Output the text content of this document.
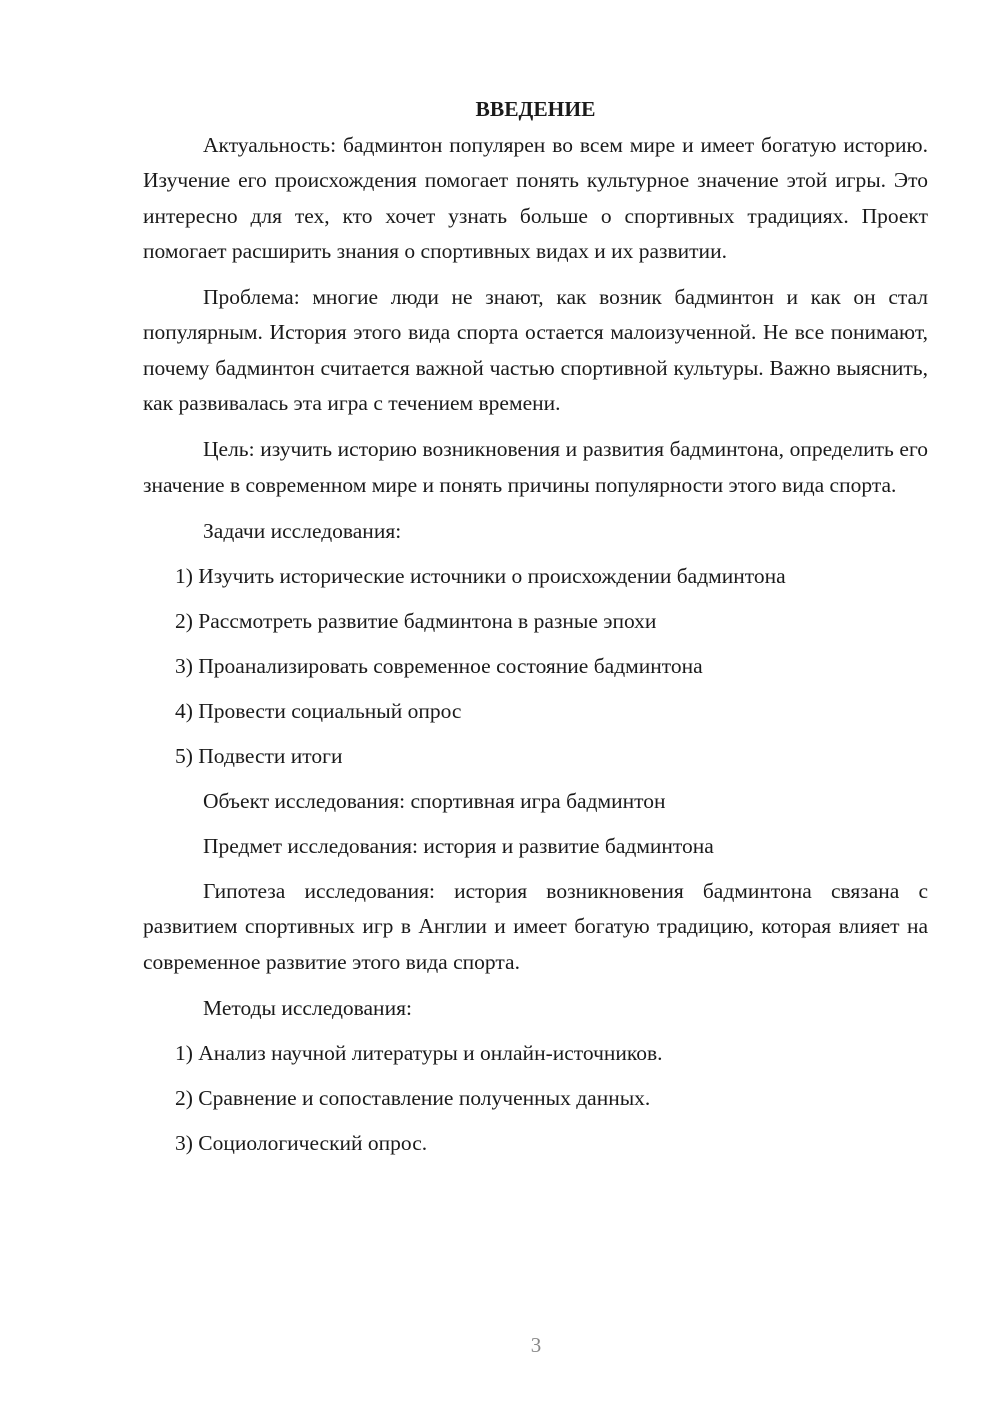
ВВЕДЕНИЕ

Актуальность: бадминтон популярен во всем мире и имеет богатую историю. Изучение его происхождения помогает понять культурное значение этой игры. Это интересно для тех, кто хочет узнать больше о спортивных традициях. Проект помогает расширить знания о спортивных видах и их развитии.

Проблема: многие люди не знают, как возник бадминтон и как он стал популярным. История этого вида спорта остается малоизученной. Не все понимают, почему бадминтон считается важной частью спортивной культуры. Важно выяснить, как развивалась эта игра с течением времени.

Цель: изучить историю возникновения и развития бадминтона, определить его значение в современном мире и понять причины популярности этого вида спорта.

Задачи исследования:
1) Изучить исторические источники о происхождении бадминтона
2) Рассмотреть развитие бадминтона в разные эпохи
3) Проанализировать современное состояние бадминтона
4) Провести социальный опрос
5) Подвести итоги
Объект исследования: спортивная игра бадминтон
Предмет исследования: история и развитие бадминтона

Гипотеза исследования: история возникновения бадминтона связана с развитием спортивных игр в Англии и имеет богатую традицию, которая влияет на современное развитие этого вида спорта.

Методы исследования:
1) Анализ научной литературы и онлайн-источников.
2) Сравнение и сопоставление полученных данных.
3) Социологический опрос.
3
